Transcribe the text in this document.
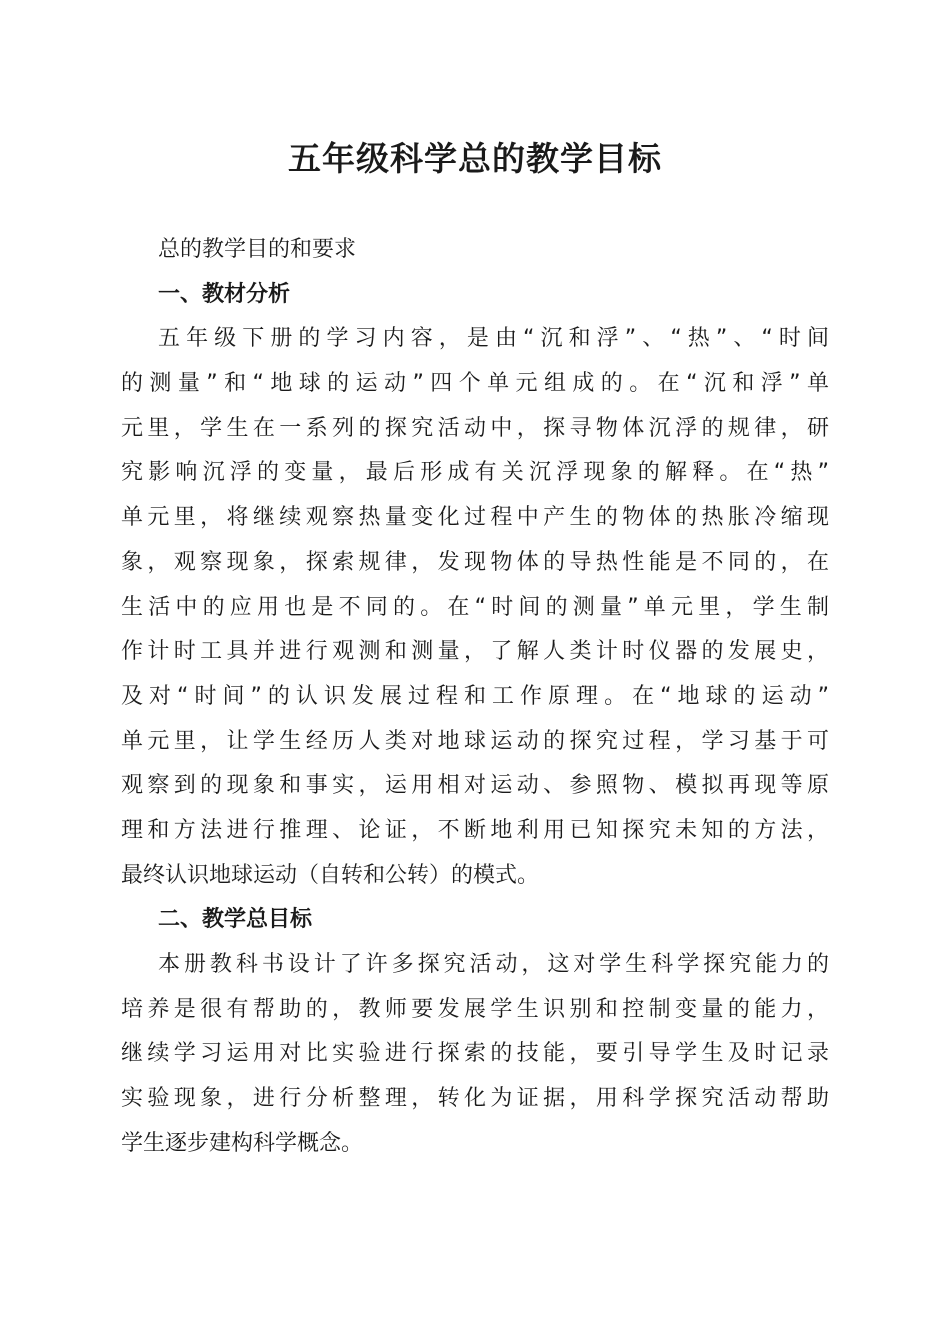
五年级科学总的教学目标
总的教学目的和要求
一、教材分析
五年级下册的学习内容，是由“沉和浮”、“热”、“时间
的测量”和“地球的运动”四个单元组成的。在“沉和浮”单
元里，学生在一系列的探究活动中，探寻物体沉浮的规律，研
究影响沉浮的变量，最后形成有关沉浮现象的解释。在“热”
单元里，将继续观察热量变化过程中产生的物体的热胀冷缩现
象，观察现象，探索规律，发现物体的导热性能是不同的，在
生活中的应用也是不同的。在“时间的测量”单元里，学生制
作计时工具并进行观测和测量，了解人类计时仪器的发展史，
及对“时间”的认识发展过程和工作原理。在“地球的运动”
单元里，让学生经历人类对地球运动的探究过程，学习基于可
观察到的现象和事实，运用相对运动、参照物、模拟再现等原
理和方法进行推理、论证，不断地利用已知探究未知的方法，
最终认识地球运动（自转和公转）的模式。
二、教学总目标
本册教科书设计了许多探究活动，这对学生科学探究能力的
培养是很有帮助的，教师要发展学生识别和控制变量的能力，
继续学习运用对比实验进行探索的技能，要引导学生及时记录
实验现象，进行分析整理，转化为证据，用科学探究活动帮助
学生逐步建构科学概念。
